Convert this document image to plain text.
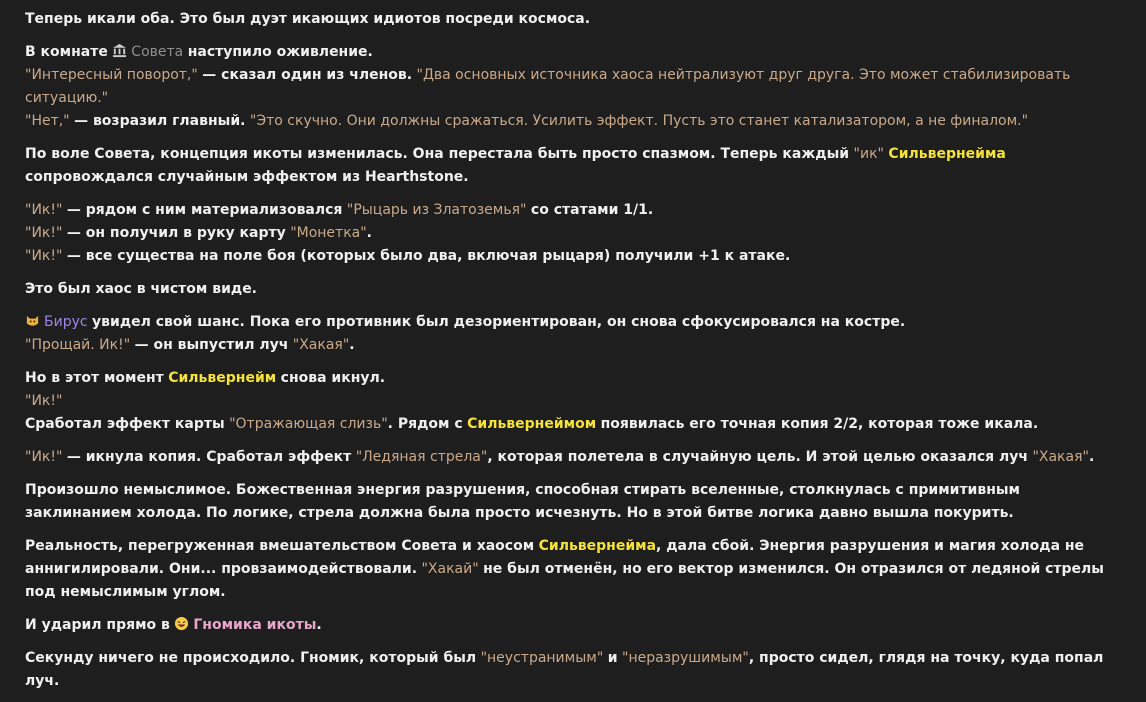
Теперь икали оба. Это был дуэт икающих идиотов посреди космоса.

В комнате Совета наступило оживление.
"Интересный поворот," — сказал один из членов. "Два основных источника хаоса нейтрализуют друг друга. Это может стабилизировать ситуацию."
"Нет," — возразил главный. "Это скучно. Они должны сражаться. Усилить эффект. Пусть это станет катализатором, а не финалом."

По воле Совета, концепция икоты изменилась. Она перестала быть просто спазмом. Теперь каждый "ик" Сильвернейма сопровождался случайным эффектом из Hearthstone.

"Ик!" — рядом с ним материализовался "Рыцарь из Златоземья" со статами 1/1.
"Ик!" — он получил в руку карту "Монетка".
"Ик!" — все существа на поле боя (которых было два, включая рыцаря) получили +1 к атаке.

Это был хаос в чистом виде.

Бирус увидел свой шанс. Пока его противник был дезориентирован, он снова сфокусировался на костре.
"Прощай. Ик!" — он выпустил луч "Хакая".

Но в этот момент Сильвернейм снова икнул.
"Ик!"
Сработал эффект карты "Отражающая слизь". Рядом с Сильвернеймом появилась его точная копия 2/2, которая тоже икала.

"Ик!" — икнула копия. Сработал эффект "Ледяная стрела", которая полетела в случайную цель. И этой целью оказался луч "Хакая".

Произошло немыслимое. Божественная энергия разрушения, способная стирать вселенные, столкнулась с примитивным заклинанием холода. По логике, стрела должна была просто исчезнуть. Но в этой битве логика давно вышла покурить.

Реальность, перегруженная вмешательством Совета и хаосом Сильвернейма, дала сбой. Энергия разрушения и магия холода не аннигилировали. Они... провзаимодействовали. "Хакай" не был отменён, но его вектор изменился. Он отразился от ледяной стрелы под немыслимым углом.

И ударил прямо в Гномика икоты.

Секунду ничего не происходило. Гномик, который был "неустранимым" и "неразрушимым", просто сидел, глядя на точку, куда попал луч.
